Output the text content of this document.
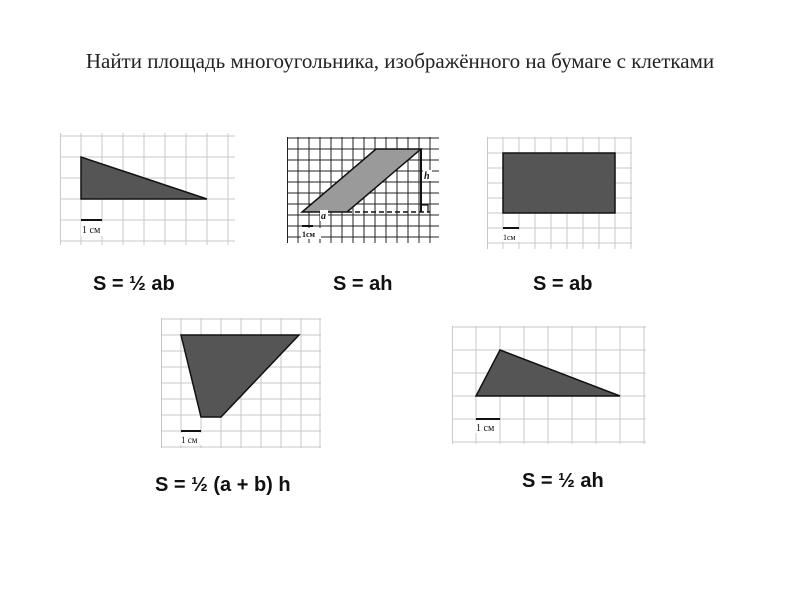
Найти площадь многоугольника, изображённого на бумаге с клетками
1 см
h
a
1см	1см
1 см
1 см
S = ½ ab	S = ah	S = ab
S = ½ (a + b) h	S = ½ ah
